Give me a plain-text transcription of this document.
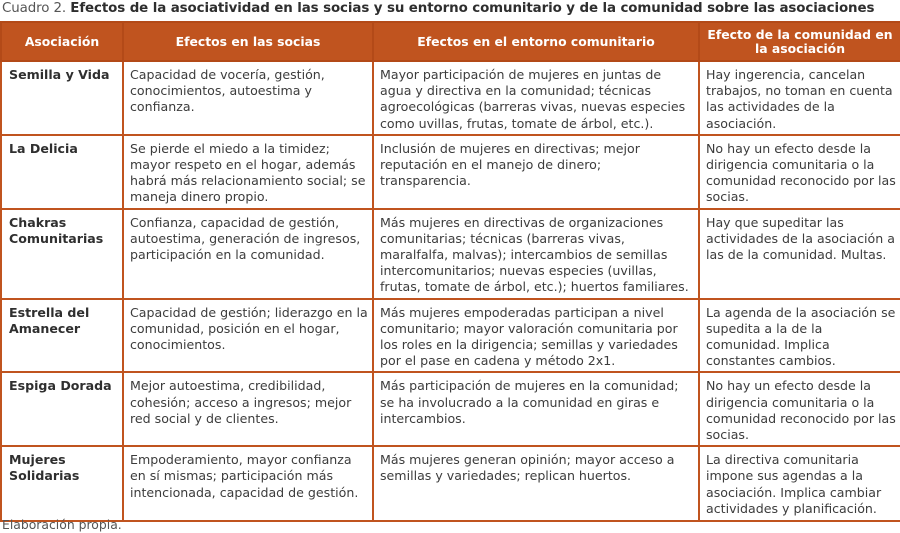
Cuadro 2. Efectos de la asociatividad en las socias y su entorno comunitario y de la comunidad sobre las asociaciones
Asociación	Efectos en las socias	Efectos en el entorno comunitario	Efecto de la comunidad en la asociación
Semilla y Vida	Capacidad de vocería, gestión, conocimientos, autoestima y confianza.	Mayor participación de mujeres en juntas de agua y directiva en la comunidad; técnicas agroecológicas (barreras vivas, nuevas especies como uvillas, frutas, tomate de árbol, etc.).	Hay ingerencia, cancelan trabajos, no toman en cuenta las actividades de la asociación.
La Delicia	Se pierde el miedo a la timidez; mayor respeto en el hogar, además habrá más relacionamiento social; se maneja dinero propio.	Inclusión de mujeres en directivas; mejor reputación en el manejo de dinero; transparencia.	No hay un efecto desde la dirigencia comunitaria o la comunidad reconocido por las socias.
Chakras Comunitarias	Confianza, capacidad de gestión, autoestima, generación de ingresos, participación en la comunidad.	Más mujeres en directivas de organizaciones comunitarias; técnicas (barreras vivas, maralfalfa, malvas); intercambios de semillas intercomunitarios; nuevas especies (uvillas, frutas, tomate de árbol, etc.); huertos familiares.	Hay que supeditar las actividades de la asociación a las de la comunidad. Multas.
Estrella del Amanecer	Capacidad de gestión; liderazgo en la comunidad, posición en el hogar, conocimientos.	Más mujeres empoderadas participan a nivel comunitario; mayor valoración comunitaria por los roles en la dirigencia; semillas y variedades por el pase en cadena y método 2x1.	La agenda de la asociación se supedita a la de la comunidad. Implica constantes cambios.
Espiga Dorada	Mejor autoestima, credibilidad, cohesión; acceso a ingresos; mejor red social y de clientes.	Más participación de mujeres en la comunidad; se ha involucrado a la comunidad en giras e intercambios.	No hay un efecto desde la dirigencia comunitaria o la comunidad reconocido por las socias.
Mujeres Solidarias	Empoderamiento, mayor confianza en sí mismas; participación más intencionada, capacidad de gestión.	Más mujeres generan opinión; mayor acceso a semillas y variedades; replican huertos.	La directiva comunitaria impone sus agendas a la asociación. Implica cambiar actividades y planificación.
Elaboración propia.
